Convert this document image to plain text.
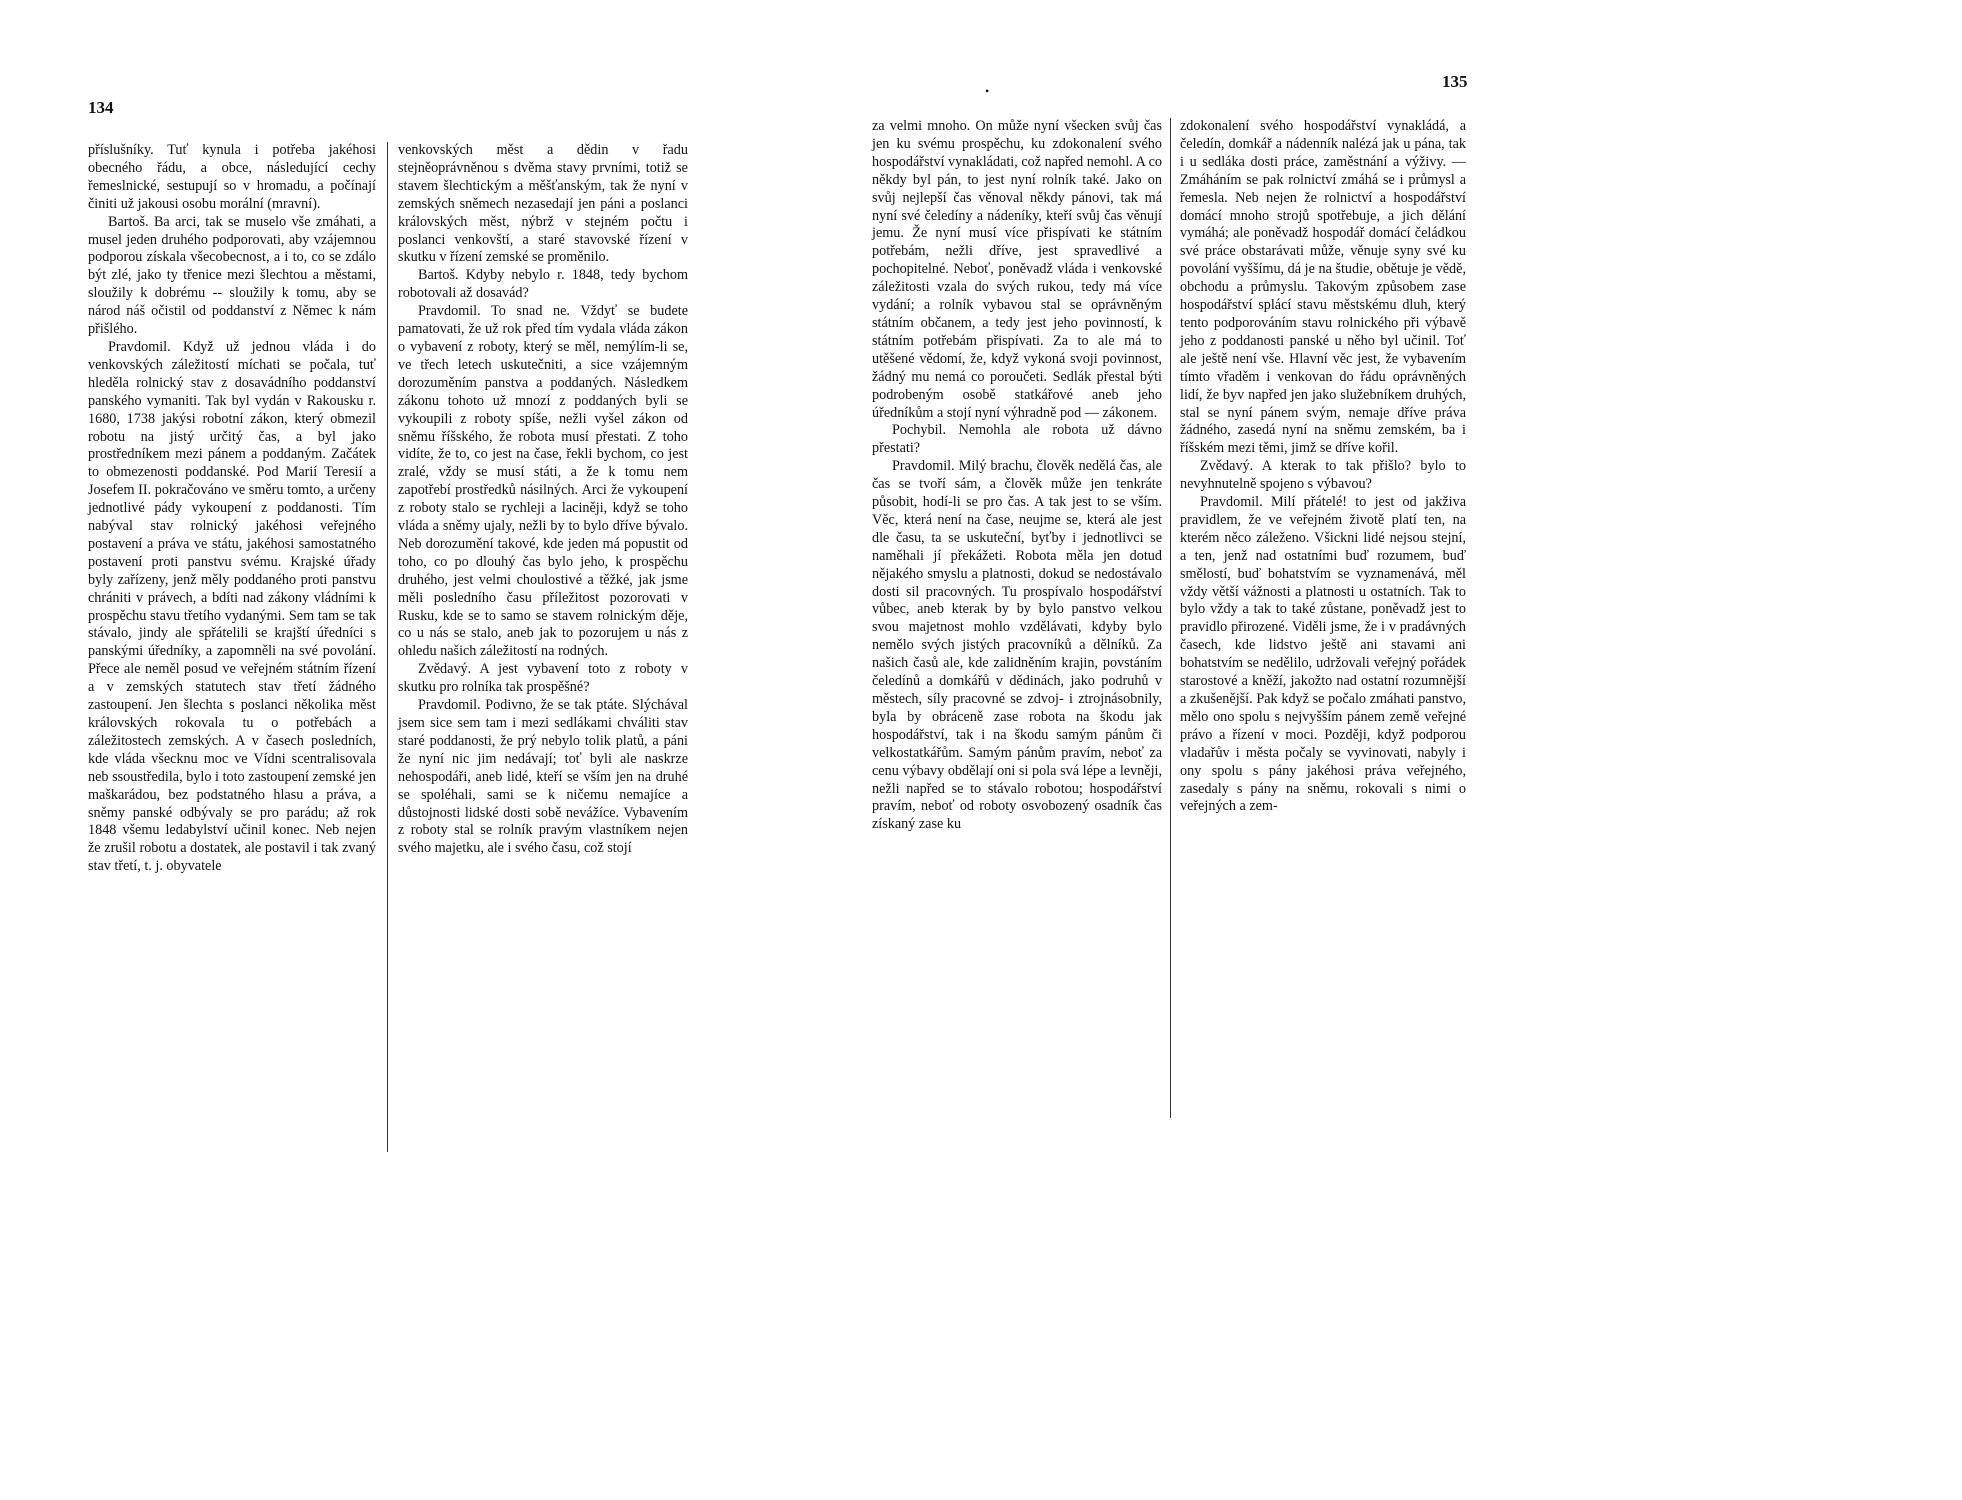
134

příslušníky. Tuť kynula i potřeba jakéhosi obecného řádu, a obce, následující cechy řemeslnické, sestupují so v hromadu, a počínají činiti už jakousi osobu morální (mravní).

Bartoš. Ba arci, tak se muselo vše zmáhati, a musel jeden druhého podporovati, aby vzájemnou podporou získala všecobecnost, a i to, co se zdálo být zlé, jako ty třenice mezi šlechtou a městami, sloužily k dobrému -- sloužily k tomu, aby se národ náš očistil od poddanství z Němec k nám přišlého.

Pravdomil. Když už jednou vláda i do venkovských záležitostí míchati se počala, tuť hleděla rolnický stav z dosavádního poddanství panského vymaniti. Tak byl vydán v Rakousku r. 1680, 1738 jakýsi robotní zákon, který obmezil robotu na jistý určitý čas, a byl jako prostředníkem mezi pánem a poddaným. Začátek to obmezenosti poddanské. Pod Marií Teresií a Josefem II. pokračováno ve směru tomto, a určeny jednotlivé pády vykoupení z poddanosti. Tím nabýval stav rolnický jakéhosi veřejného postavení a práva ve státu, jakéhosi samostatného postavení proti panstvu svému. Krajské úřady byly zařízeny, jenž měly poddaného proti panstvu chrániti v právech, a bdíti nad zákony vládními k prospěchu stavu třetího vydanými. Sem tam se tak stávalo, jindy ale spřátelili se krajští úředníci s panskými úředníky, a zapomněli na své povolání. Přece ale neměl posud ve veřejném státním řízení a v zemských statutech stav třetí žádného zastoupení. Jen šlechta s poslanci několika měst královských rokovala tu o potřebách a záležitostech zemských. A v časech posledních, kde vláda všecknu moc ve Vídni scentralisovala neb ssoustředila, bylo i toto zastoupení zemské jen maškarádou, bez podstatného hlasu a práva, a sněmy panské odbývaly se pro parádu; až rok 1848 všemu ledabylství učinil konec. Neb nejen že zrušil robotu a dostatek, ale postavil i tak zvaný stav třetí, t. j. obyvatele

venkovských měst a dědin v řadu stejněoprávněnou s dvěma stavy prvními, totiž se stavem šlechtickým a měšťanským, tak že nyní v zemských sněmech nezasedají jen páni a poslanci královských měst, nýbrž v stejném počtu i poslanci venkovští, a staré stavovské řízení v skutku v řízení zemské se proměnilo.

Bartoš. Kdyby nebylo r. 1848, tedy bychom robotovali až dosavád?

Pravdomil. To snad ne. Vždyť se budete pamatovati, že už rok před tím vydala vláda zákon o vybavení z roboty, který se měl, nemýlím-li se, ve třech letech uskutečniti, a sice vzájemným dorozuměním panstva a poddaných. Následkem zákonu tohoto už mnozí z poddaných byli se vykoupili z roboty spíše, nežli vyšel zákon od sněmu říšského, že robota musí přestati. Z toho vidíte, že to, co jest na čase, řekli bychom, co jest zralé, vždy se musí státi, a že k tomu nem zapotřebí prostředků násilných. Arci že vykoupení z roboty stalo se rychleji a laciněji, když se toho vláda a sněmy ujaly, nežli by to bylo dříve bývalo. Neb dorozumění takové, kde jeden má popustit od toho, co po dlouhý čas bylo jeho, k prospěchu druhého, jest velmi choulostivé a těžké, jak jsme měli posledního času příležitost pozorovati v Rusku, kde se to samo se stavem rolnickým děje, co u nás se stalo, aneb jak to pozorujem u nás z ohledu našich záležitostí na rodných.

Zvědavý. A jest vybavení toto z roboty v skutku pro rolníka tak prospěšné?

Pravdomil. Podivno, že se tak ptáte. Slýchával jsem sice sem tam i mezi sedlákami chváliti stav staré poddanosti, že prý nebylo tolik platů, a páni že nyní nic jim nedávají; toť byli ale naskrze nehospodáři, aneb lidé, kteří se vším jen na druhé se spoléhali, sami se k ničemu nemajíce a důstojnosti lidské dosti sobě nevážíce. Vybavením z roboty stal se rolník pravým vlastníkem nejen svého majetku, ale i svého času, což stojí

•	135

za velmi mnoho. On může nyní všecken svůj čas jen ku svému prospěchu, ku zdokonalení svého hospodářství vynakládati, což napřed nemohl. A co někdy byl pán, to jest nyní rolník také. Jako on svůj nejlepší čas věnoval někdy pánovi, tak má nyní své čeledíny a nádeníky, kteří svůj čas věnují jemu. Že nyní musí více přispívati ke státním potřebám, nežli dříve, jest spravedlivé a pochopitelné. Neboť, poněvadž vláda i venkovské záležitosti vzala do svých rukou, tedy má více vydání; a rolník vybavou stal se oprávněným státním občanem, a tedy jest jeho povinností, k státním potřebám přispívati. Za to ale má to utěšené vědomí, že, když vykoná svoji povinnost, žádný mu nemá co poroučeti. Sedlák přestal býti podrobeným osobě statkářové aneb jeho úředníkům a stojí nyní výhradně pod — zákonem.

Pochybil. Nemohla ale robota už dávno přestati?

Pravdomil. Milý brachu, člověk nedělá čas, ale čas se tvoří sám, a člověk může jen tenkráte působit, hodí-li se pro čas. A tak jest to se vším. Věc, která není na čase, neujme se, která ale jest dle času, ta se uskuteční, byťby i jednotlivci se naměhali jí překážeti. Robota měla jen dotud nějakého smyslu a platnosti, dokud se nedostávalo dosti sil pracovných. Tu prospívalo hospodářství vůbec, aneb kterak by by bylo panstvo velkou svou majetnost mohlo vzdělávati, kdyby bylo nemělo svých jistých pracovníků a dělníků. Za našich časů ale, kde zalidněním krajin, povstáním čeledínů a domkářů v dědinách, jako podruhů v městech, síly pracovné se zdvoj- i ztrojnásobnily, byla by obráceně zase robota na škodu jak hospodářství, tak i na škodu samým pánům či velkostatkářům. Samým pánům pravím, neboť za cenu výbavy obdělají oni si pola svá lépe a levněji, nežli napřed se to stávalo robotou; hospodářství pravím, neboť od roboty osvobozený osadník čas získaný zase ku

zdokonalení svého hospodářství vynakládá, a čeledín, domkář a nádenník nalézá jak u pána, tak i u sedláka dosti práce, zaměstnání a výživy. — Zmáháním se pak rolnictví zmáhá se i průmysl a řemesla. Neb nejen že rolnictví a hospodářství domácí mnoho strojů spotřebuje, a jich dělání vymáhá; ale poněvadž hospodář domácí čeládkou své práce obstarávati může, věnuje syny své ku povolání vyššímu, dá je na študie, obětuje je vědě, obchodu a průmyslu. Takovým způsobem zase hospodářství splácí stavu městskému dluh, který tento podporováním stavu rolnického při výbavě jeho z poddanosti panské u něho byl učinil. Toť ale ještě není vše. Hlavní věc jest, že vybavením tímto vřaděm i venkovan do řádu oprávněných lidí, že byv napřed jen jako služebníkem druhých, stal se nyní pánem svým, nemaje dříve práva žádného, zasedá nyní na sněmu zemském, ba i říšském mezi těmi, jimž se dříve kořil.

Zvědavý. A kterak to tak přišlo? bylo to nevyhnutelně spojeno s výbavou?

Pravdomil. Milí přátelé! to jest od jakživa pravidlem, že ve veřejném životě platí ten, na kterém něco záleženo. Všickni lidé nejsou stejní, a ten, jenž nad ostatními buď rozumem, buď smělostí, buď bohatstvím se vyznamenává, měl vždy větší vážnosti a platnosti u ostatních. Tak to bylo vždy a tak to také zůstane, poněvadž jest to pravidlo přirozené. Viděli jsme, že i v pradávných časech, kde lidstvo ještě ani stavami ani bohatstvím se nedělilo, udržovali veřejný pořádek starostové a kněží, jakožto nad ostatní rozumnější a zkušenější. Pak když se počalo zmáhati panstvo, mělo ono spolu s nejvyšším pánem země veřejné právo a řízení v moci. Později, když podporou vladařův i města počaly se vyvinovati, nabyly i ony spolu s pány jakéhosi práva veřejného, zasedaly s pány na sněmu, rokovali s nimi o veřejných a zem-
